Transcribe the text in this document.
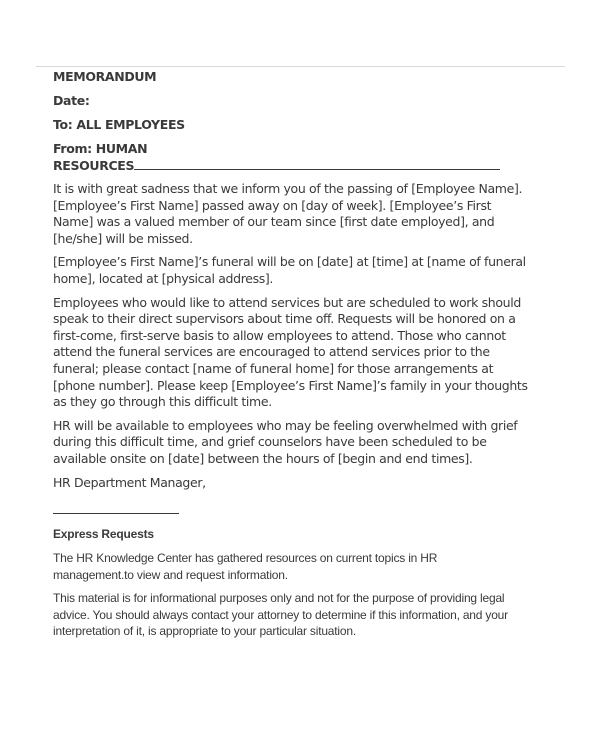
MEMORANDUM
Date:
To: ALL EMPLOYEES
From: HUMAN
RESOURCES

It is with great sadness that we inform you of the passing of [Employee Name].
[Employee’s First Name] passed away on [day of week]. [Employee’s First
Name] was a valued member of our team since [first date employed], and
[he/she] will be missed.

[Employee’s First Name]’s funeral will be on [date] at [time] at [name of funeral
home], located at [physical address].

Employees who would like to attend services but are scheduled to work should
speak to their direct supervisors about time off. Requests will be honored on a
first-come, first-serve basis to allow employees to attend. Those who cannot
attend the funeral services are encouraged to attend services prior to the
funeral; please contact [name of funeral home] for those arrangements at
[phone number]. Please keep [Employee’s First Name]’s family in your thoughts
as they go through this difficult time.

HR will be available to employees who may be feeling overwhelmed with grief
during this difficult time, and grief counselors have been scheduled to be
available onsite on [date] between the hours of [begin and end times].

HR Department Manager,
Express Requests

The HR Knowledge Center has gathered resources on current topics in HR
management.to view and request information.

This material is for informational purposes only and not for the purpose of providing legal
advice. You should always contact your attorney to determine if this information, and your
interpretation of it, is appropriate to your particular situation.
